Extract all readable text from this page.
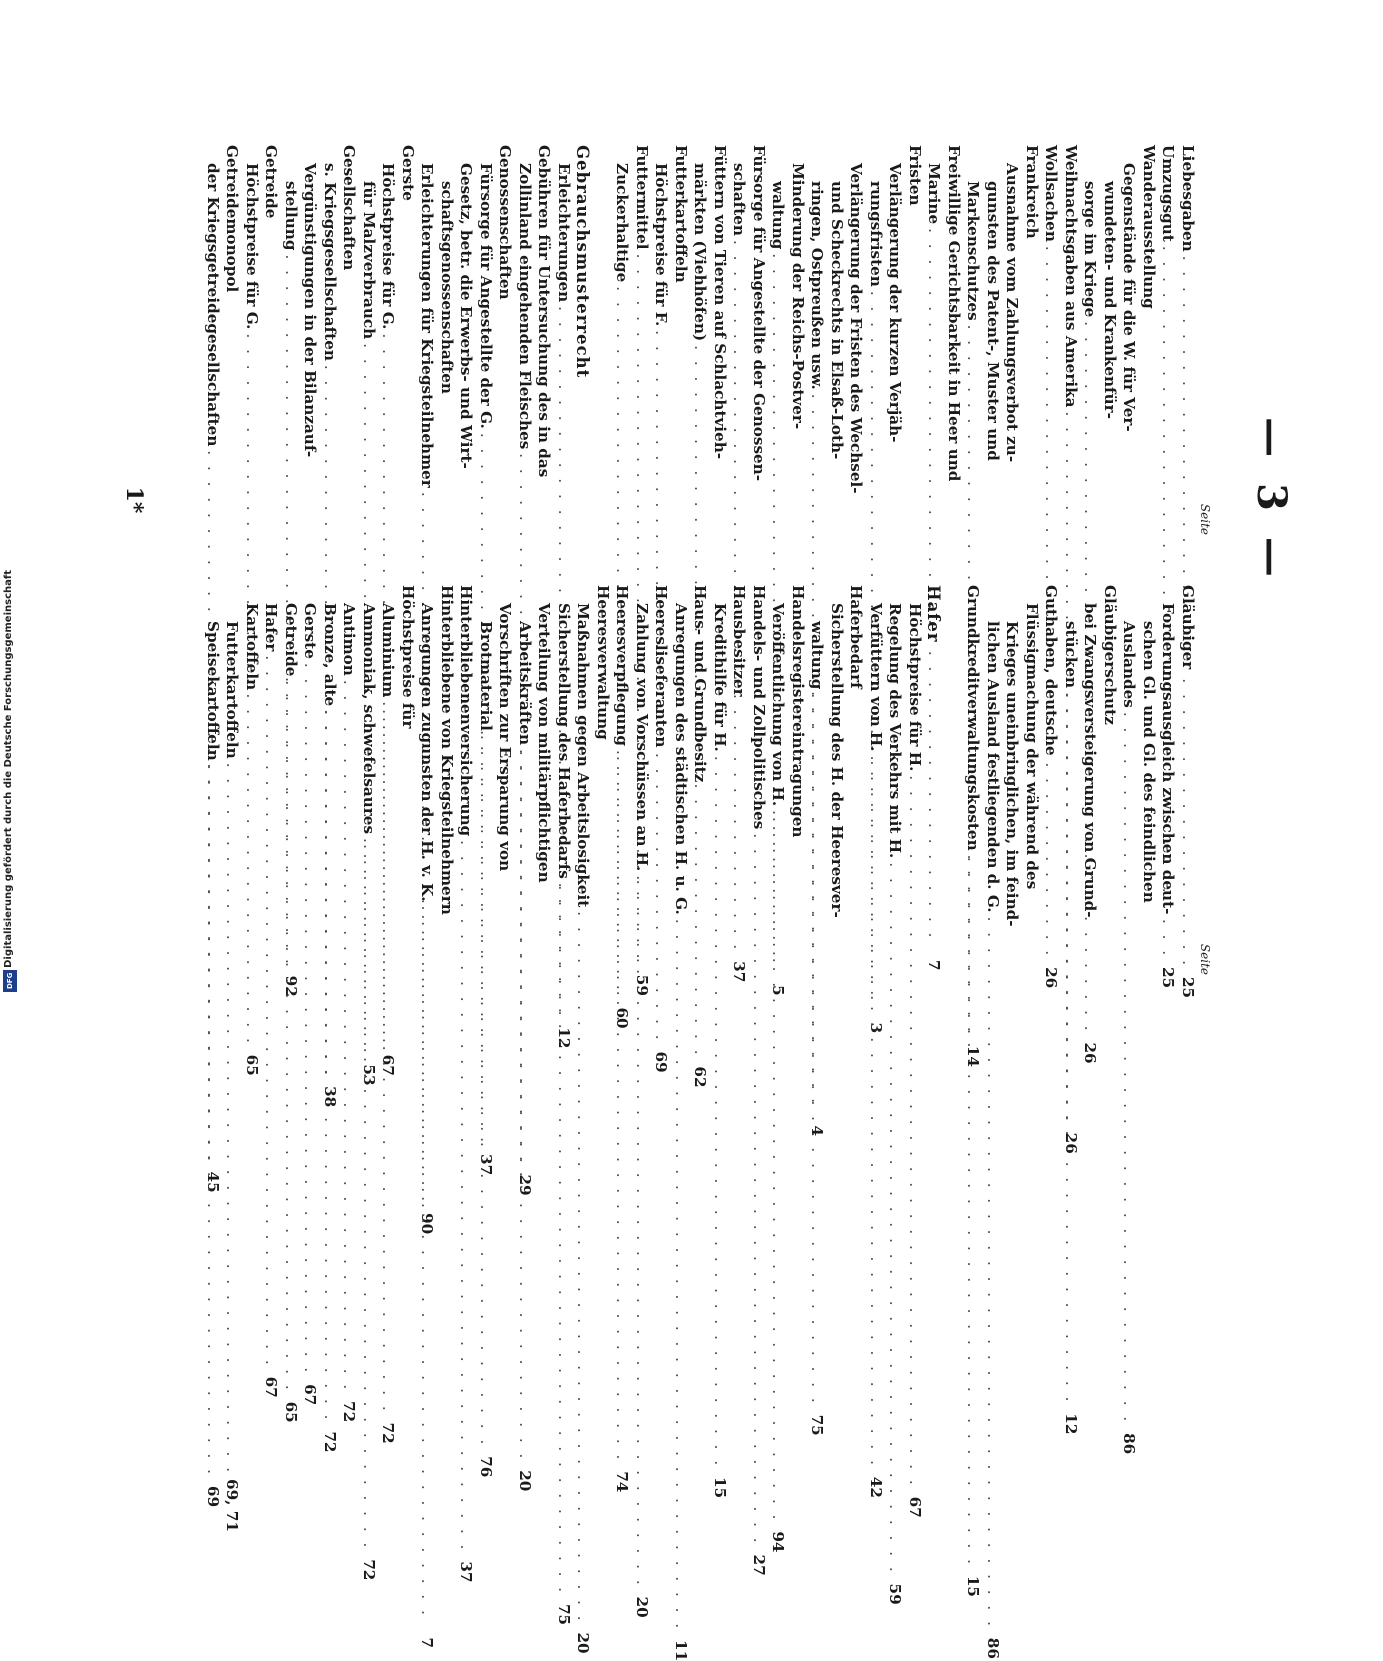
Digitalisierung gefördert durch die Deutsche Forschungsgemeinschaft
DFG
— 3 —
Seite
Liebesgaben
. . .
25
Umzugsgut
. . .
25
Wanderausstellung
Gegenstände für die W. für Ver-
wundeten- und Krankenfür-
sorge im Kriege
. . .
26
Weihnachtsgaben aus Amerika
. . .
26
Wollsachen
. . .
26
Frankreich
Ausnahme vom Zahlungsverbot zu-
gunsten des Patent-, Muster und
Markenschutzes
. . .
14
Freiwillige Gerichtsbarkeit in Heer und
Marine
. . .
7
Fristen
Verlängerung der kurzen Verjäh-
rungsfristen
. . .
3
Verlängerung der Fristen des Wechsel-
und Scheckrechts in Elsaß-Loth-
ringen, Ostpreußen usw.
. . .
4
Minderung der Reichs-Postver-
waltung
. . .
5
Fürsorge für Angestellte der Genossen-
schaften
. . .
37
Füttern von Tieren auf Schlachtvieh-
märkten (Viehhöfen)
. . .
62
Futterkartoffeln
Höchstpreise für F.
. . .
69
Futtermittel
. . .
59
Zuckerhaltige
. . .
60
Gebrauchsmusterrecht
Erleichterungen
. . .
12
Gebühren für Untersuchung des in das
Zollinland eingehenden Fleisches
. . .
29
Genossenschaften
Fürsorge für Angestellte der G.
. . .
37
Gesetz, betr. die Erwerbs- und Wirt-
schaftsgenossenschaften
Erleichterungen für Kriegsteilnehmer
. . .
90
Gerste
Höchstpreise für G.
. . .
67
für Malzverbrauch
. . .
53
Gesellschaften
s. Kriegsgesellschaften
. . .
38
Vergünstigungen in der Bilanzauf-
stellung
. . .
92
Getreide
Höchstpreise für G.
. . .
65
Getreidemonopol
der Kriegsgetreidegesellschaften
. . .
45
Seite
Gläubiger
Forderungsausgleich zwischen deut-
schen Gl. und Gl. des feindlichen
Auslandes
. . .
86
Gläubigerschutz
bei Zwangsversteigerung von Grund-
stücken
. . .
12
Guthaben, deutsche
Flüssigmachung der während des
Krieges uneinbringlichen, im feind-
lichen Ausland festliegenden d. G.
. . .
86
Grundkreditverwaltungskosten
. . .
15
Hafer
Höchstpreise für H.
. . .
67
Regelung des Verkehrs mit H.
. . .
59
Verfüttern von H.
. . .
42
Haferbedarf
Sicherstellung des H. der Heeresver-
waltung
. . .
75
Handelsregistereintragungen
Veröffentlichung von H.
. . .
94
Handels- und Zollpolitisches
. . .
27
Hausbesitzer
Kredithilfe für H.
. . .
15
Haus- und Grundbesitz
Anregungen des städtischen H. u. G.
. . .
11
Heeresliseferanten
Zahlung von Vorschüssen an H.
. . .
20
Heeresverpflegung
. . .
74
Heeresverwaltung
Maßnahmen gegen Arbeitslosigkeit
. . .
20
Sicherstellung des Haferbedarfs
. . .
75
Verteilung von militärpflichtigen
Arbeitskräften
. . .
20
Vorschriften zur Ersparung von
Brotmaterial
. . .
76
Hinterbliebenenversicherung
. . .
37
Hinterbliebene von Kriegsteilnehmern
Anregungen zugunsten der H. v. K.
. . .
7
Höchstpreise für
Aluminium
. . .
72
Ammoniak, schwefelsaures
. . .
72
Antimon
. . .
72
Bronze, alte
. . .
72
Gerste
. . .
67
Getreide
. . .
65
Hafer
. . .
67
Kartoffeln
Futterkartoffeln
. . .
69, 71
Speisekartoffeln
. . .
69
1*
